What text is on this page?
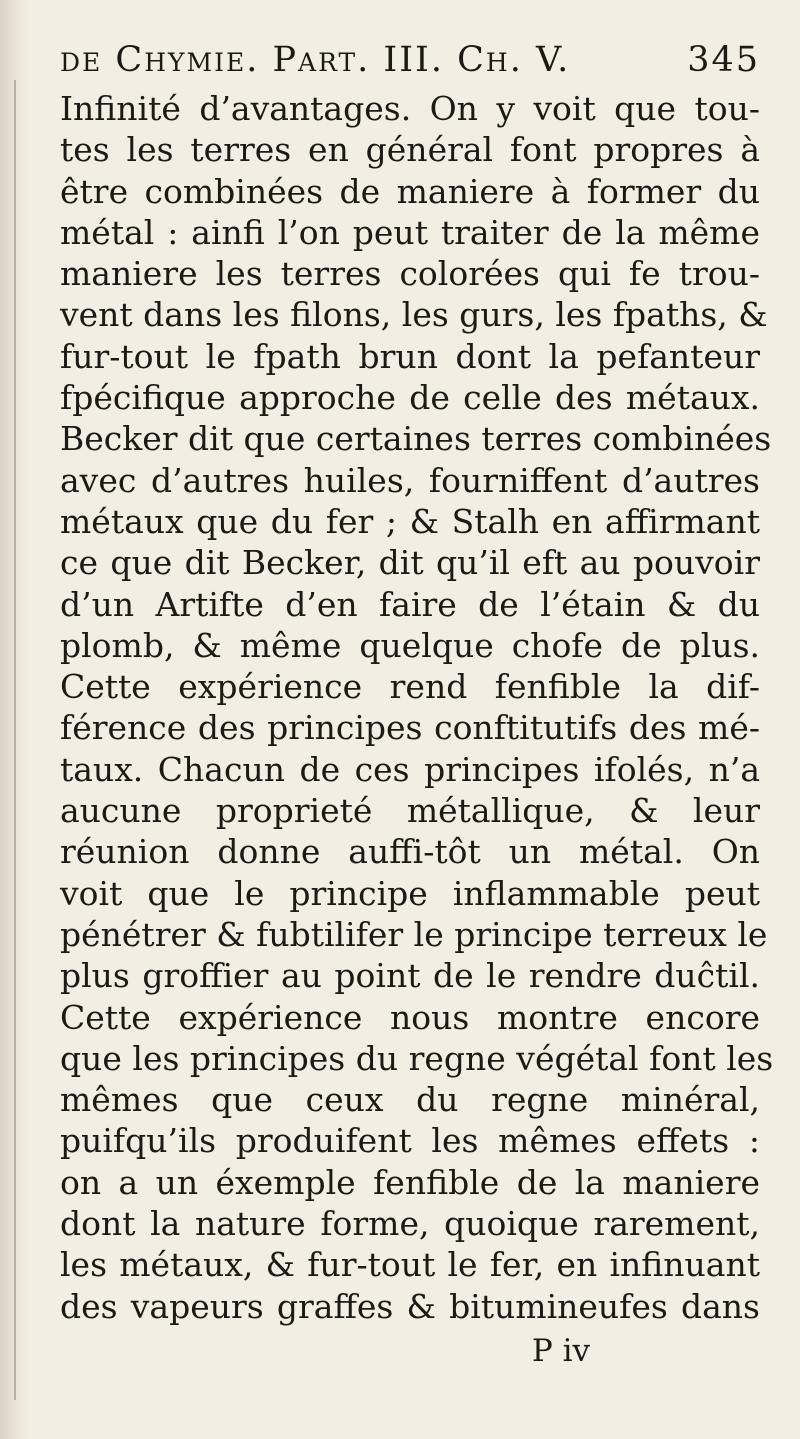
de Chymie. Part. III. Ch. V.	345
Infinité d’avantages. On y voit que tou-
tes les terres en général font propres à
être combinées de maniere à former du
métal : ainfi l’on peut traiter de la même
maniere les terres colorées qui fe trou-
vent dans les filons, les gurs, les fpaths, &
fur-tout le fpath brun dont la pefanteur
fpécifique approche de celle des métaux.
Becker dit que certaines terres combinées
avec d’autres huiles, fourniffent d’autres
métaux que du fer ; & Stalh en affirmant
ce que dit Becker, dit qu’il eft au pouvoir
d’un Artifte d’en faire de l’étain & du
plomb, & même quelque chofe de plus.
Cette expérience rend fenfible la dif-
férence des principes conftitutifs des mé-
taux. Chacun de ces principes ifolés, n’a
aucune proprieté métallique, & leur
réunion donne auffi-tôt un métal. On
voit que le principe inflammable peut
pénétrer & fubtilifer le principe terreux le
plus groffier au point de le rendre duĉtil.
Cette expérience nous montre encore
que les principes du regne végétal font les
mêmes que ceux du regne minéral,
puifqu’ils produifent les mêmes effets :
on a un éxemple fenfible de la maniere
dont la nature forme, quoique rarement,
les métaux, & fur-tout le fer, en infinuant
des vapeurs graffes & bitumineufes dans
P iv
